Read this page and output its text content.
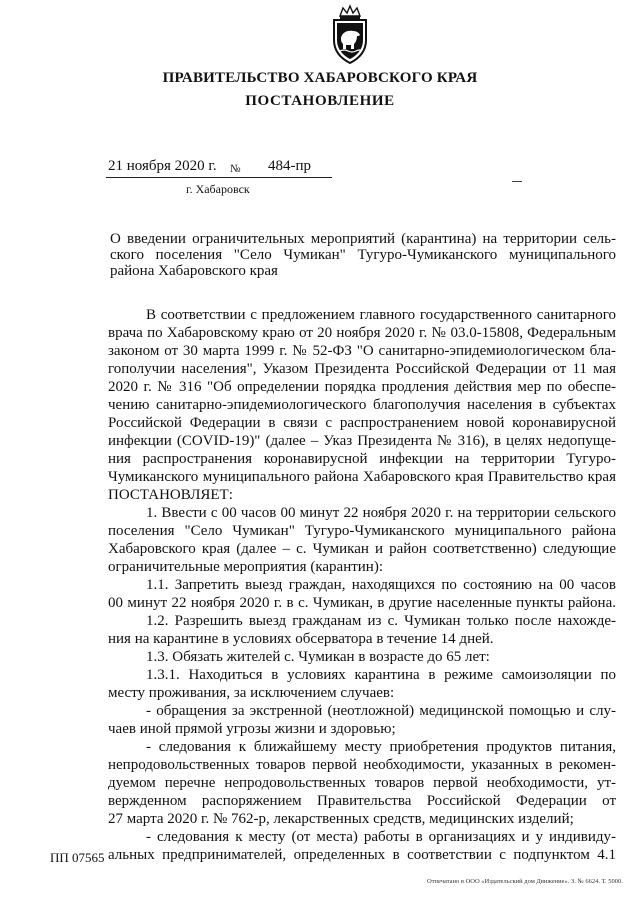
ПРАВИТЕЛЬСТВО ХАБАРОВСКОГО КРАЯ
ПОСТАНОВЛЕНИЕ
21 ноября 2020 г. № 484-пр
г. Хабаровск
О введении ограничительных мероприятий (карантина) на территории сель-
ского поселения "Село Чумикан" Тугуро-Чумиканского муниципального
района Хабаровского края
В соответствии с предложением главного государственного санитарного
врача по Хабаровскому краю от 20 ноября 2020 г. № 03.0-15808, Федеральным
законом от 30 марта 1999 г. № 52-ФЗ "О санитарно-эпидемиологическом бла-
гополучии населения", Указом Президента Российской Федерации от 11 мая
2020 г. № 316 "Об определении порядка продления действия мер по обеспе-
чению санитарно-эпидемиологического благополучия населения в субъектах
Российской Федерации в связи с распространением новой коронавирусной
инфекции (COVID-19)" (далее – Указ Президента № 316), в целях недопуще-
ния распространения коронавирусной инфекции на территории Тугуро-
Чумиканского муниципального района Хабаровского края Правительство края
ПОСТАНОВЛЯЕТ:
1. Ввести с 00 часов 00 минут 22 ноября 2020 г. на территории сельского
поселения "Село Чумикан" Тугуро-Чумиканского муниципального района
Хабаровского края (далее – с. Чумикан и район соответственно) следующие
ограничительные мероприятия (карантин):
1.1. Запретить выезд граждан, находящихся по состоянию на 00 часов
00 минут 22 ноября 2020 г. в с. Чумикан, в другие населенные пункты района.
1.2. Разрешить выезд гражданам из с. Чумикан только после нахожде-
ния на карантине в условиях обсерватора в течение 14 дней.
1.3. Обязать жителей с. Чумикан в возрасте до 65 лет:
1.3.1. Находиться в условиях карантина в режиме самоизоляции по
месту проживания, за исключением случаев:
- обращения за экстренной (неотложной) медицинской помощью и слу-
чаев иной прямой угрозы жизни и здоровью;
- следования к ближайшему месту приобретения продуктов питания,
непродовольственных товаров первой необходимости, указанных в рекомен-
дуемом перечне непродовольственных товаров первой необходимости, ут-
вержденном распоряжением Правительства Российской Федерации от
27 марта 2020 г. № 762-р, лекарственных средств, медицинских изделий;
- следования к месту (от места) работы в организациях и у индивиду-
альных предпринимателей, определенных в соответствии с подпунктом 4.1
ПП 07565
Отпечатано в ООО «Издательский дом Движение». З. № 6624. Т. 5000.
